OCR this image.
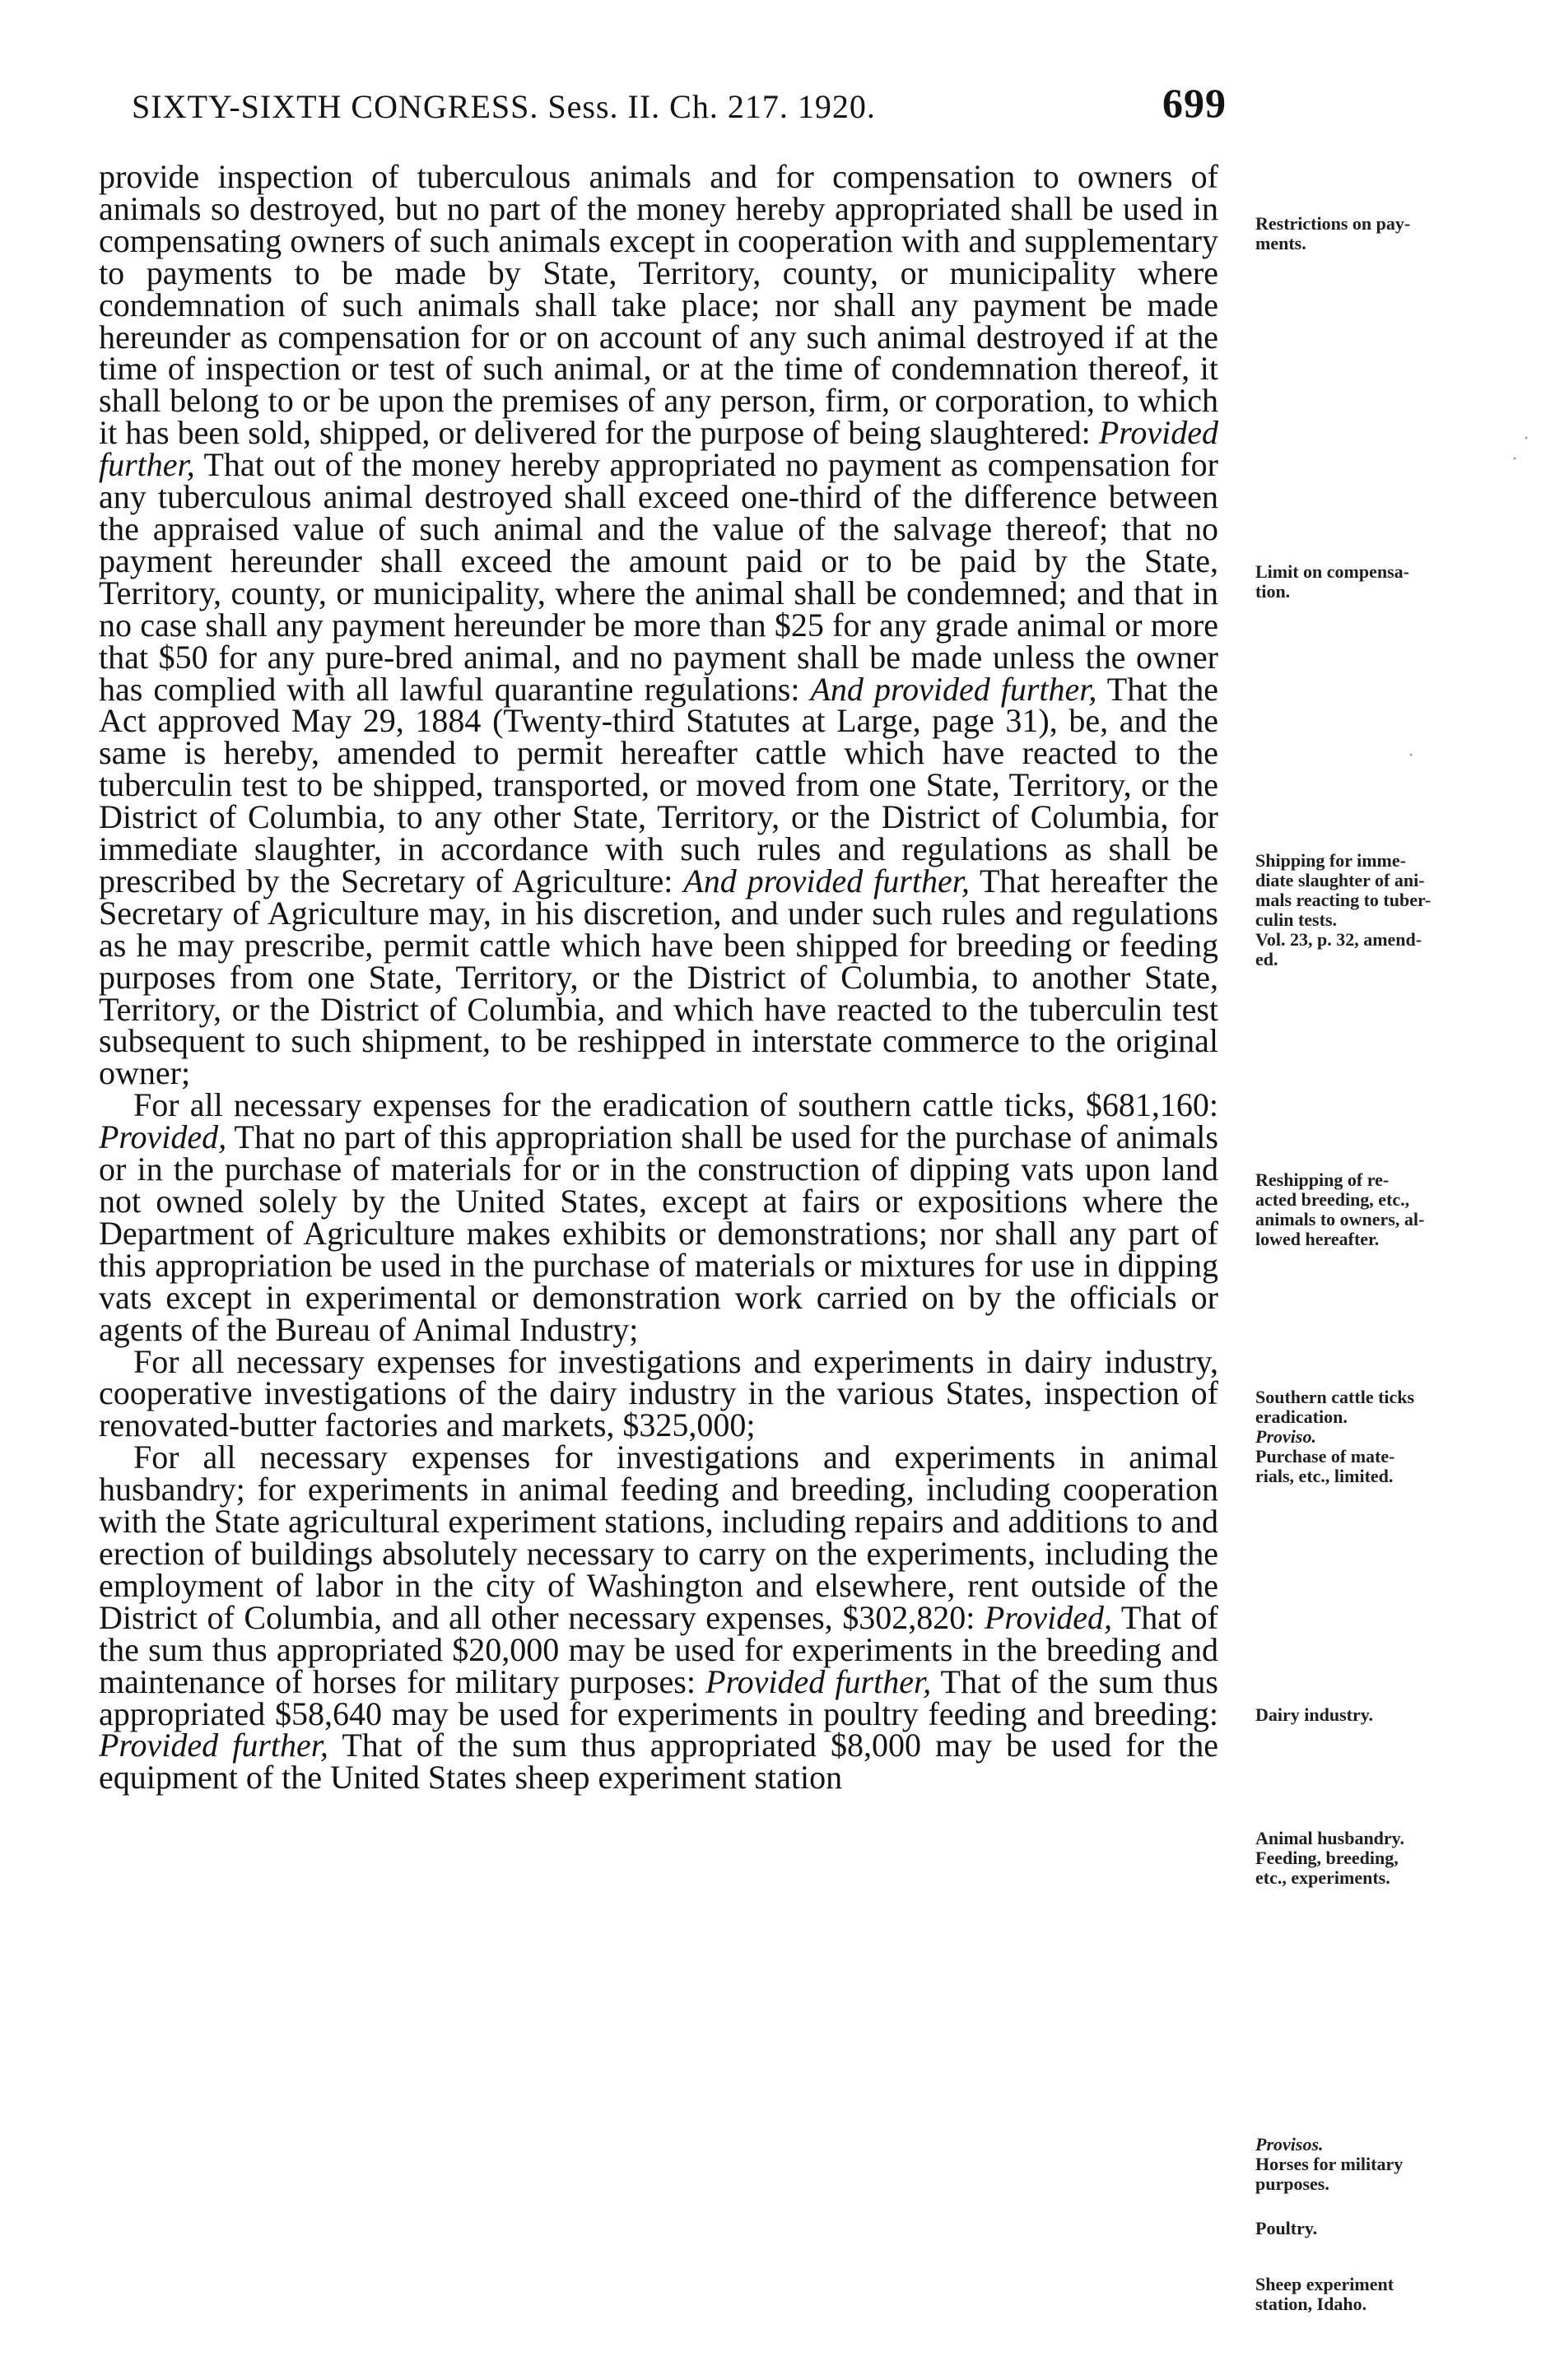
SIXTY-SIXTH CONGRESS. Sess. II. Ch. 217. 1920.	699

provide inspection of tuberculous animals and for compensation to owners of animals so destroyed, but no part of the money hereby appropriated shall be used in compensating owners of such animals except in cooperation with and supplementary to payments to be made by State, Territory, county, or municipality where condemnation of such animals shall take place; nor shall any payment be made hereunder as compensation for or on account of any such animal destroyed if at the time of inspection or test of such animal, or at the time of condemnation thereof, it shall belong to or be upon the premises of any person, firm, or corporation, to which it has been sold, shipped, or delivered for the purpose of being slaughtered: Provided further, That out of the money hereby appropriated no payment as compensation for any tuberculous animal destroyed shall exceed one-third of the difference between the appraised value of such animal and the value of the salvage thereof; that no payment hereunder shall exceed the amount paid or to be paid by the State, Territory, county, or municipality, where the animal shall be condemned; and that in no case shall any payment hereunder be more than $25 for any grade animal or more that $50 for any pure-bred animal, and no payment shall be made unless the owner has complied with all lawful quarantine regulations: And provided further, That the Act approved May 29, 1884 (Twenty-third Statutes at Large, page 31), be, and the same is hereby, amended to permit hereafter cattle which have reacted to the tuberculin test to be shipped, transported, or moved from one State, Territory, or the District of Columbia, to any other State, Territory, or the District of Columbia, for immediate slaughter, in accordance with such rules and regulations as shall be prescribed by the Secretary of Agriculture: And provided further, That hereafter the Secretary of Agriculture may, in his discretion, and under such rules and regulations as he may prescribe, permit cattle which have been shipped for breeding or feeding purposes from one State, Territory, or the District of Columbia, to another State, Territory, or the District of Columbia, and which have reacted to the tuberculin test subsequent to such shipment, to be reshipped in interstate commerce to the original owner;

For all necessary expenses for the eradication of southern cattle ticks, $681,160: Provided, That no part of this appropriation shall be used for the purchase of animals or in the purchase of materials for or in the construction of dipping vats upon land not owned solely by the United States, except at fairs or expositions where the Department of Agriculture makes exhibits or demonstrations; nor shall any part of this appropriation be used in the purchase of materials or mixtures for use in dipping vats except in experimental or demonstration work carried on by the officials or agents of the Bureau of Animal Industry;

For all necessary expenses for investigations and experiments in dairy industry, cooperative investigations of the dairy industry in the various States, inspection of renovated-butter factories and markets, $325,000;

For all necessary expenses for investigations and experiments in animal husbandry; for experiments in animal feeding and breeding, including cooperation with the State agricultural experiment stations, including repairs and additions to and erection of buildings absolutely necessary to carry on the experiments, including the employment of labor in the city of Washington and elsewhere, rent outside of the District of Columbia, and all other necessary expenses, $302,820: Provided, That of the sum thus appropriated $20,000 may be used for experiments in the breeding and maintenance of horses for military purposes: Provided further, That of the sum thus appropriated $58,640 may be used for experiments in poultry feeding and breeding: Provided further, That of the sum thus appropriated $8,000 may be used for the equipment of the United States sheep experiment station

Restrictions on pay-
ments.
Limit on compensa-
tion.
Shipping for imme-
diate slaughter of ani-
mals reacting to tuber-
culin tests.
Vol. 23, p. 32, amend-
ed.
Reshipping of re-
acted breeding, etc.,
animals to owners, al-
lowed hereafter.
Southern cattle ticks
eradication.
Proviso.
Purchase of mate-
rials, etc., limited.
Dairy industry.
Animal husbandry.
Feeding, breeding,
etc., experiments.
Provisos.
Horses for military
purposes.
Poultry.
Sheep experiment
station, Idaho.
·
·
·
